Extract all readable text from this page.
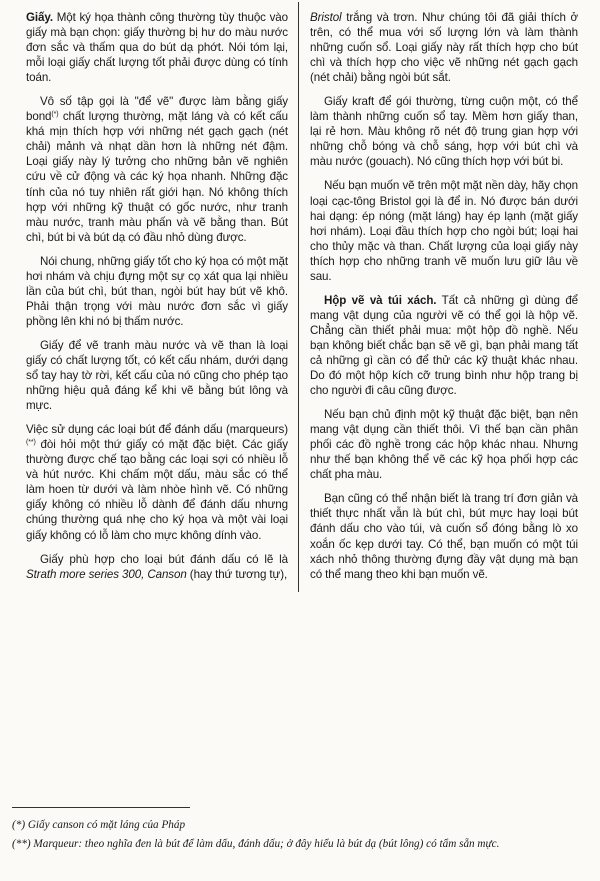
Giấy. Một ký họa thành công thường tùy thuộc vào giấy mà bạn chọn: giấy thường bị hư do màu nước đơn sắc và thấm qua do bút dạ phớt. Nói tóm lại, mỗi loại giấy chất lượng tốt phải được dùng có tính toán.

Vô số tập gọi là "để vẽ" được làm bằng giấy bond(*) chất lượng thường, mặt láng và có kết cấu khá mịn thích hợp với những nét gạch gạch (nét chải) mảnh và nhạt dần hơn là những nét đậm. Loại giấy này lý tưởng cho những bản vẽ nghiên cứu về cử động và các ký họa nhanh. Những đặc tính của nó tuy nhiên rất giới hạn. Nó không thích hợp với những kỹ thuật có gốc nước, như tranh màu nước, tranh màu phấn và vẽ bằng than. Bút chì, bút bi và bút dạ có đầu nhỏ dùng được.

Nói chung, những giấy tốt cho ký họa có một mặt hơi nhám và chịu đựng một sự cọ xát qua lại nhiều lần của bút chì, bút than, ngòi bút hay bút vẽ khô. Phải thận trọng với màu nước đơn sắc vì giấy phồng lên khi nó bị thấm nước.

Giấy để vẽ tranh màu nước và vẽ than là loại giấy có chất lượng tốt, có kết cấu nhám, dưới dạng sổ tay hay tờ rời, kết cấu của nó cũng cho phép tạo những hiệu quả đáng kể khi vẽ bằng bút lông và mực.

Việc sử dụng các loại bút để đánh dấu (marqueurs) (**) đòi hỏi một thứ giấy có mặt đặc biệt. Các giấy thường được chế tạo bằng các loại sợi có nhiều lỗ và hút nước. Khi chấm một dấu, màu sắc có thể làm hoen từ dưới và làm nhòe hình vẽ. Có những giấy không có nhiều lỗ dành để đánh dấu nhưng chúng thường quá nhẹ cho ký họa và một vài loại giấy không có lỗ làm cho mực không dính vào.

Giấy phù hợp cho loại bút đánh dấu có lẽ là Strath more series 300, Canson (hay thứ tương tự),

Bristol trắng và trơn. Như chúng tôi đã giải thích ở trên, có thể mua với số lượng lớn và làm thành những cuốn sổ. Loại giấy này rất thích hợp cho bút chì và thích hợp cho việc vẽ những nét gạch gạch (nét chải) bằng ngòi bút sắt.

Giấy kraft để gói thường, từng cuộn một, có thể làm thành những cuốn sổ tay. Mềm hơn giấy than, lại rẻ hơn. Màu không rõ nét độ trung gian hợp với những chỗ bóng và chỗ sáng, hợp với bút chì và màu nước (gouach). Nó cũng thích hợp với bút bi.

Nếu bạn muốn vẽ trên một mặt nền dày, hãy chọn loại cạc-tông Bristol gọi là để in. Nó được bán dưới hai dạng: ép nóng (mặt láng) hay ép lạnh (mặt giấy hơi nhám). Loại đầu thích hợp cho ngòi bút; loại hai cho thủy mặc và than. Chất lượng của loại giấy này thích hợp cho những tranh vẽ muốn lưu giữ lâu về sau.

Hộp vẽ và túi xách. Tất cả những gì dùng để mang vật dụng của người vẽ có thể gọi là hộp vẽ. Chẳng cần thiết phải mua: một hộp đồ nghề. Nếu bạn không biết chắc bạn sẽ vẽ gì, bạn phải mang tất cả những gì cần có để thử các kỹ thuật khác nhau. Do đó một hộp kích cỡ trung bình như hộp trang bị cho người đi câu cũng được.

Nếu bạn chủ định một kỹ thuật đặc biệt, bạn nên mang vật dụng cần thiết thôi. Vì thế bạn cần phân phối các đồ nghề trong các hộp khác nhau. Nhưng như thế bạn không thể vẽ các kỹ họa phối hợp các chất pha màu.

Bạn cũng có thể nhận biết là trang trí đơn giản và thiết thực nhất vẫn là bút chì, bút mực hay loại bút đánh dấu cho vào túi, và cuốn sổ đóng bằng lò xo xoắn ốc kẹp dưới tay. Có thể, bạn muốn có một túi xách nhỏ thông thường đựng đầy vật dụng mà bạn có thể mang theo khi bạn muốn vẽ.

(*) Giấy canson có mặt láng của Pháp
(**) Marqueur: theo nghĩa đen là bút để làm dấu, đánh dấu; ở đây hiểu là bút dạ (bút lông) có tẩm sẵn mực.
